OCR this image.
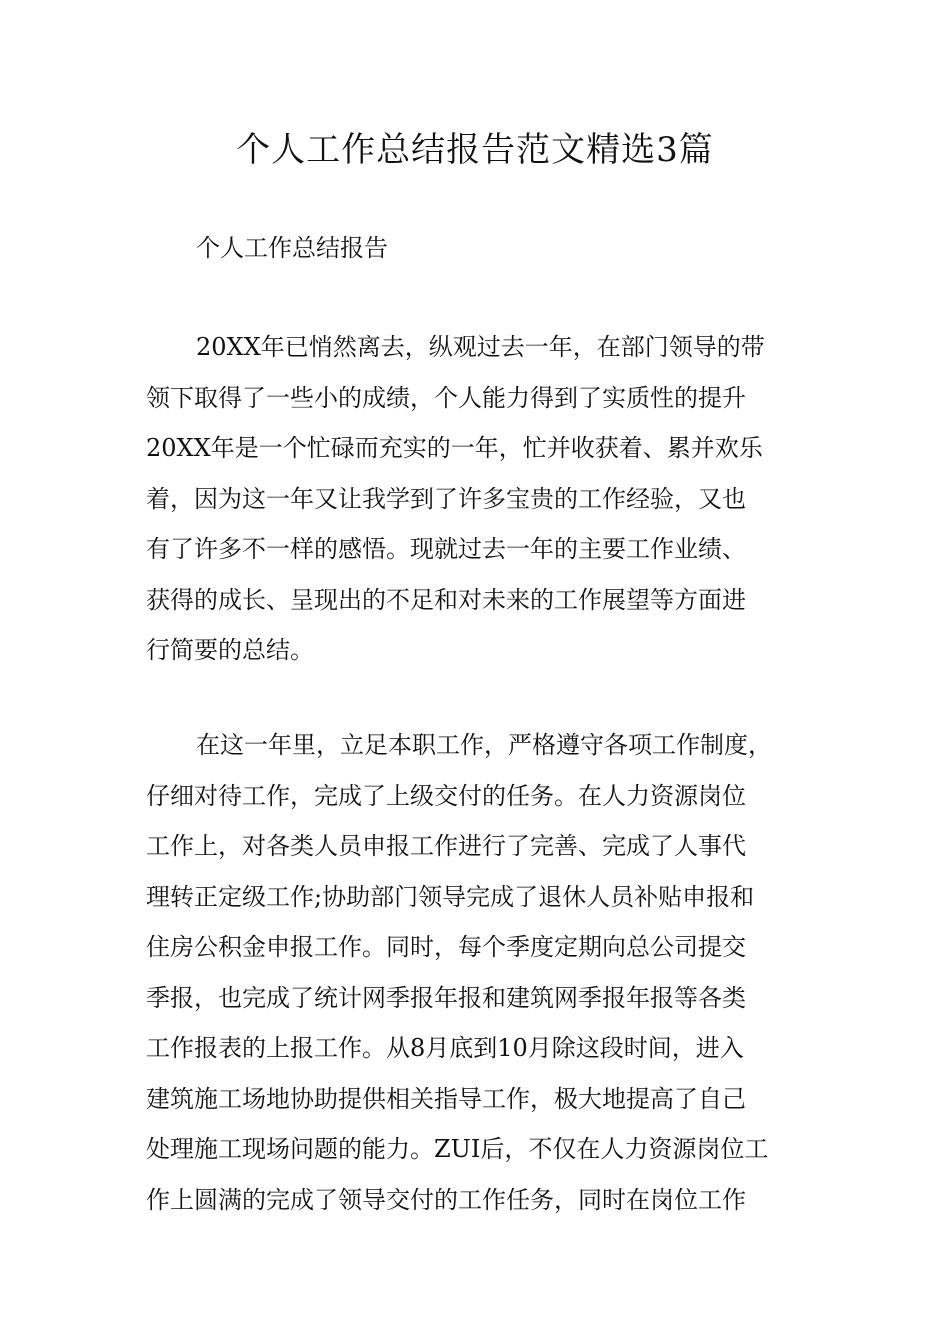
个人工作总结报告范文精选3篇

个人工作总结报告

20XX年已悄然离去，纵观过去一年，在部门领导的带
领下取得了一些小的成绩，个人能力得到了实质性的提升
20XX年是一个忙碌而充实的一年，忙并收获着、累并欢乐
着，因为这一年又让我学到了许多宝贵的工作经验，又也
有了许多不一样的感悟。现就过去一年的主要工作业绩、
获得的成长、呈现出的不足和对未来的工作展望等方面进
行简要的总结。
在这一年里，立足本职工作，严格遵守各项工作制度，
仔细对待工作，完成了上级交付的任务。在人力资源岗位
工作上，对各类人员申报工作进行了完善、完成了人事代
理转正定级工作;协助部门领导完成了退休人员补贴申报和
住房公积金申报工作。同时，每个季度定期向总公司提交
季报，也完成了统计网季报年报和建筑网季报年报等各类
工作报表的上报工作。从8月底到10月除这段时间，进入
建筑施工场地协助提供相关指导工作，极大地提高了自己
处理施工现场问题的能力。ZUI后，不仅在人力资源岗位工
作上圆满的完成了领导交付的工作任务，同时在岗位工作
